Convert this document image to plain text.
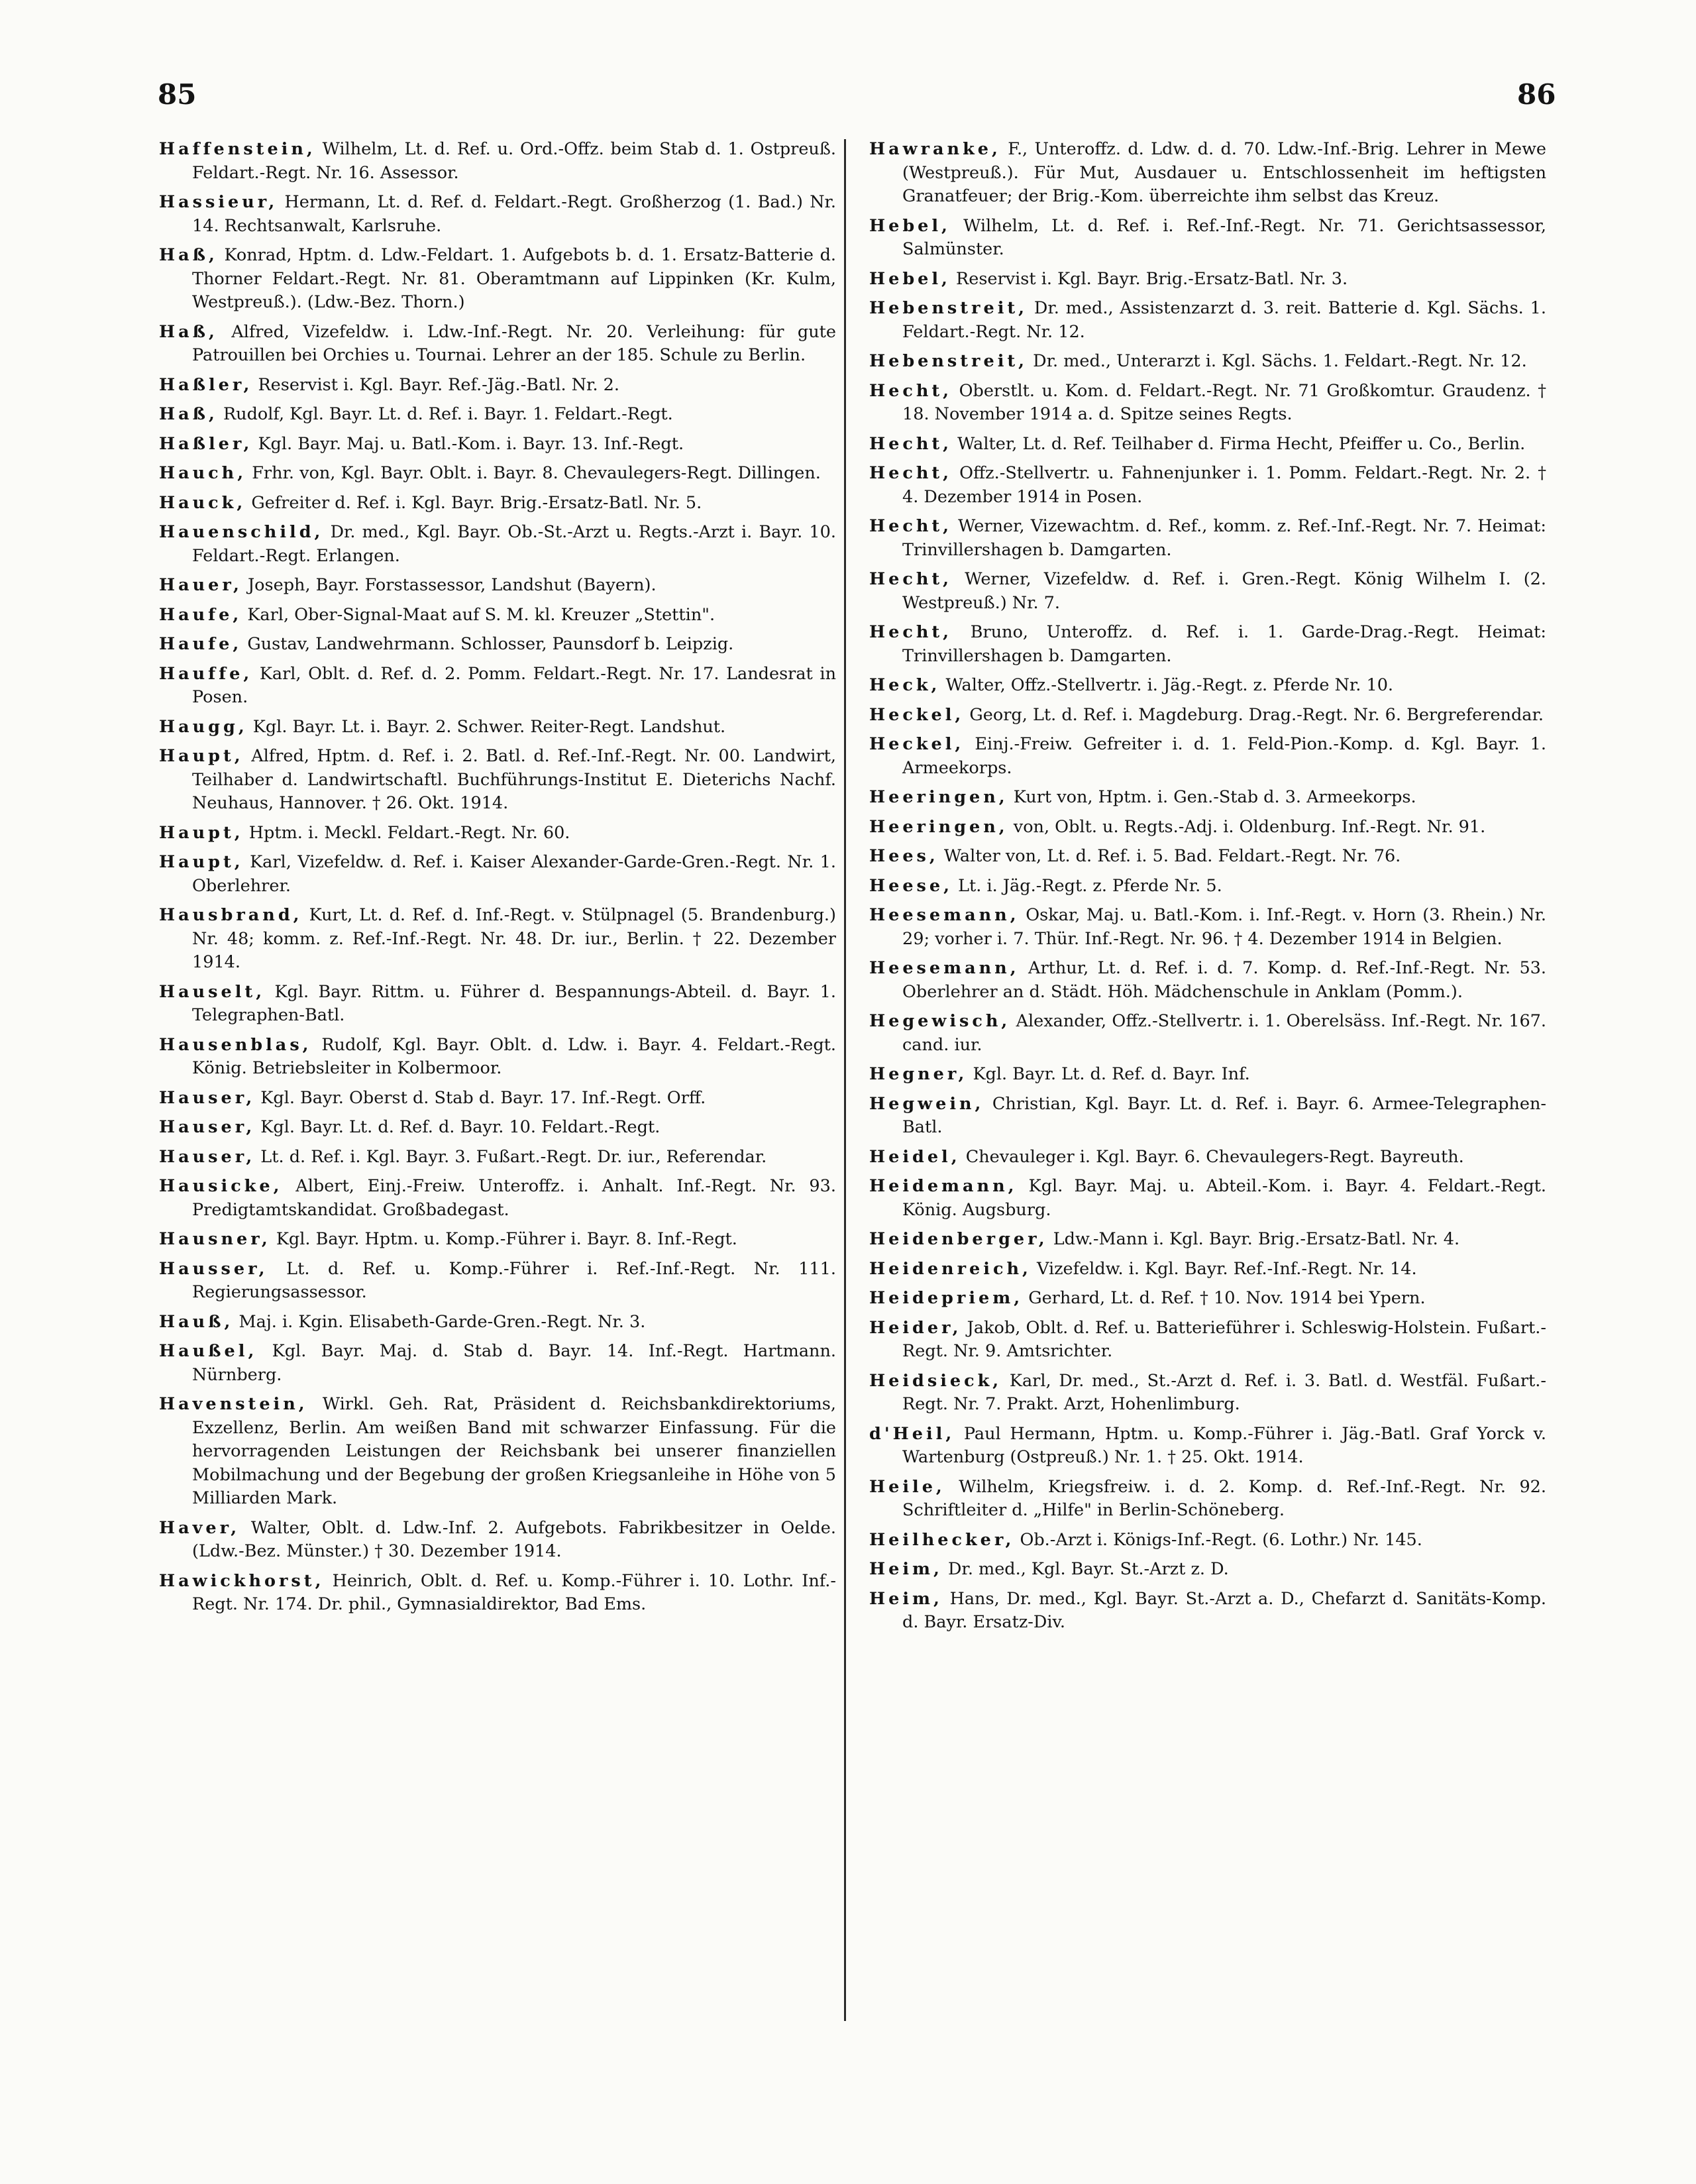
85	86

Haffenstein, Wilhelm, Lt. d. Ref. u. Ord.-Offz. beim Stab d. 1. Ostpreuß. Feldart.-Regt. Nr. 16. Assessor.

Hassieur, Hermann, Lt. d. Ref. d. Feldart.-Regt. Großherzog (1. Bad.) Nr. 14. Rechtsanwalt, Karlsruhe.

Haß, Konrad, Hptm. d. Ldw.-Feldart. 1. Aufgebots b. d. 1. Ersatz-Batterie d. Thorner Feldart.-Regt. Nr. 81. Oberamtmann auf Lippinken (Kr. Kulm, Westpreuß.). (Ldw.-Bez. Thorn.)

Haß, Alfred, Vizefeldw. i. Ldw.-Inf.-Regt. Nr. 20. Verleihung: für gute Patrouillen bei Orchies u. Tournai. Lehrer an der 185. Schule zu Berlin.

Haßler, Reservist i. Kgl. Bayr. Ref.-Jäg.-Batl. Nr. 2.

Haß, Rudolf, Kgl. Bayr. Lt. d. Ref. i. Bayr. 1. Feldart.-Regt.

Haßler, Kgl. Bayr. Maj. u. Batl.-Kom. i. Bayr. 13. Inf.-Regt.

Hauch, Frhr. von, Kgl. Bayr. Oblt. i. Bayr. 8. Chevaulegers-Regt. Dillingen.

Hauck, Gefreiter d. Ref. i. Kgl. Bayr. Brig.-Ersatz-Batl. Nr. 5.

Hauenschild, Dr. med., Kgl. Bayr. Ob.-St.-Arzt u. Regts.-Arzt i. Bayr. 10. Feldart.-Regt. Erlangen.

Hauer, Joseph, Bayr. Forstassessor, Landshut (Bayern).

Haufe, Karl, Ober-Signal-Maat auf S. M. kl. Kreuzer „Stettin".

Haufe, Gustav, Landwehrmann. Schlosser, Paunsdorf b. Leipzig.

Hauffe, Karl, Oblt. d. Ref. d. 2. Pomm. Feldart.-Regt. Nr. 17. Landesrat in Posen.

Haugg, Kgl. Bayr. Lt. i. Bayr. 2. Schwer. Reiter-Regt. Landshut.

Haupt, Alfred, Hptm. d. Ref. i. 2. Batl. d. Ref.-Inf.-Regt. Nr. 00. Landwirt, Teilhaber d. Landwirtschaftl. Buchführungs-Institut E. Dieterichs Nachf. Neuhaus, Hannover. † 26. Okt. 1914.

Haupt, Hptm. i. Meckl. Feldart.-Regt. Nr. 60.

Haupt, Karl, Vizefeldw. d. Ref. i. Kaiser Alexander-Garde-Gren.-Regt. Nr. 1. Oberlehrer.

Hausbrand, Kurt, Lt. d. Ref. d. Inf.-Regt. v. Stülpnagel (5. Brandenburg.) Nr. 48; komm. z. Ref.-Inf.-Regt. Nr. 48. Dr. iur., Berlin. † 22. Dezember 1914.

Hauselt, Kgl. Bayr. Rittm. u. Führer d. Bespannungs-Abteil. d. Bayr. 1. Telegraphen-Batl.

Hausenblas, Rudolf, Kgl. Bayr. Oblt. d. Ldw. i. Bayr. 4. Feldart.-Regt. König. Betriebsleiter in Kolbermoor.

Hauser, Kgl. Bayr. Oberst d. Stab d. Bayr. 17. Inf.-Regt. Orff.

Hauser, Kgl. Bayr. Lt. d. Ref. d. Bayr. 10. Feldart.-Regt.

Hauser, Lt. d. Ref. i. Kgl. Bayr. 3. Fußart.-Regt. Dr. iur., Referendar.

Hausicke, Albert, Einj.-Freiw. Unteroffz. i. Anhalt. Inf.-Regt. Nr. 93. Predigtamtskandidat. Großbadegast.

Hausner, Kgl. Bayr. Hptm. u. Komp.-Führer i. Bayr. 8. Inf.-Regt.

Hausser, Lt. d. Ref. u. Komp.-Führer i. Ref.-Inf.-Regt. Nr. 111. Regierungsassessor.

Hauß, Maj. i. Kgin. Elisabeth-Garde-Gren.-Regt. Nr. 3.

Haußel, Kgl. Bayr. Maj. d. Stab d. Bayr. 14. Inf.-Regt. Hartmann. Nürnberg.

Havenstein, Wirkl. Geh. Rat, Präsident d. Reichsbankdirektoriums, Exzellenz, Berlin. Am weißen Band mit schwarzer Einfassung. Für die hervorragenden Leistungen der Reichsbank bei unserer finanziellen Mobilmachung und der Begebung der großen Kriegsanleihe in Höhe von 5 Milliarden Mark.

Haver, Walter, Oblt. d. Ldw.-Inf. 2. Aufgebots. Fabrikbesitzer in Oelde. (Ldw.-Bez. Münster.) † 30. Dezember 1914.

Hawickhorst, Heinrich, Oblt. d. Ref. u. Komp.-Führer i. 10. Lothr. Inf.-Regt. Nr. 174. Dr. phil., Gymnasialdirektor, Bad Ems.

Hawranke, F., Unteroffz. d. Ldw. d. d. 70. Ldw.-Inf.-Brig. Lehrer in Mewe (Westpreuß.). Für Mut, Ausdauer u. Entschlossenheit im heftigsten Granatfeuer; der Brig.-Kom. überreichte ihm selbst das Kreuz.

Hebel, Wilhelm, Lt. d. Ref. i. Ref.-Inf.-Regt. Nr. 71. Gerichtsassessor, Salmünster.

Hebel, Reservist i. Kgl. Bayr. Brig.-Ersatz-Batl. Nr. 3.

Hebenstreit, Dr. med., Assistenzarzt d. 3. reit. Batterie d. Kgl. Sächs. 1. Feldart.-Regt. Nr. 12.

Hebenstreit, Dr. med., Unterarzt i. Kgl. Sächs. 1. Feldart.-Regt. Nr. 12.

Hecht, Oberstlt. u. Kom. d. Feldart.-Regt. Nr. 71 Großkomtur. Graudenz. † 18. November 1914 a. d. Spitze seines Regts.

Hecht, Walter, Lt. d. Ref. Teilhaber d. Firma Hecht, Pfeiffer u. Co., Berlin.

Hecht, Offz.-Stellvertr. u. Fahnenjunker i. 1. Pomm. Feldart.-Regt. Nr. 2. † 4. Dezember 1914 in Posen.

Hecht, Werner, Vizewachtm. d. Ref., komm. z. Ref.-Inf.-Regt. Nr. 7. Heimat: Trinvillershagen b. Damgarten.

Hecht, Werner, Vizefeldw. d. Ref. i. Gren.-Regt. König Wilhelm I. (2. Westpreuß.) Nr. 7.

Hecht, Bruno, Unteroffz. d. Ref. i. 1. Garde-Drag.-Regt. Heimat: Trinvillershagen b. Damgarten.

Heck, Walter, Offz.-Stellvertr. i. Jäg.-Regt. z. Pferde Nr. 10.

Heckel, Georg, Lt. d. Ref. i. Magdeburg. Drag.-Regt. Nr. 6. Bergreferendar.

Heckel, Einj.-Freiw. Gefreiter i. d. 1. Feld-Pion.-Komp. d. Kgl. Bayr. 1. Armeekorps.

Heeringen, Kurt von, Hptm. i. Gen.-Stab d. 3. Armeekorps.

Heeringen, von, Oblt. u. Regts.-Adj. i. Oldenburg. Inf.-Regt. Nr. 91.

Hees, Walter von, Lt. d. Ref. i. 5. Bad. Feldart.-Regt. Nr. 76.

Heese, Lt. i. Jäg.-Regt. z. Pferde Nr. 5.

Heesemann, Oskar, Maj. u. Batl.-Kom. i. Inf.-Regt. v. Horn (3. Rhein.) Nr. 29; vorher i. 7. Thür. Inf.-Regt. Nr. 96. † 4. Dezember 1914 in Belgien.

Heesemann, Arthur, Lt. d. Ref. i. d. 7. Komp. d. Ref.-Inf.-Regt. Nr. 53. Oberlehrer an d. Städt. Höh. Mädchenschule in Anklam (Pomm.).

Hegewisch, Alexander, Offz.-Stellvertr. i. 1. Oberelsäss. Inf.-Regt. Nr. 167. cand. iur.

Hegner, Kgl. Bayr. Lt. d. Ref. d. Bayr. Inf.

Hegwein, Christian, Kgl. Bayr. Lt. d. Ref. i. Bayr. 6. Armee-Telegraphen-Batl.

Heidel, Chevauleger i. Kgl. Bayr. 6. Chevaulegers-Regt. Bayreuth.

Heidemann, Kgl. Bayr. Maj. u. Abteil.-Kom. i. Bayr. 4. Feldart.-Regt. König. Augsburg.

Heidenberger, Ldw.-Mann i. Kgl. Bayr. Brig.-Ersatz-Batl. Nr. 4.

Heidenreich, Vizefeldw. i. Kgl. Bayr. Ref.-Inf.-Regt. Nr. 14.

Heidepriem, Gerhard, Lt. d. Ref. † 10. Nov. 1914 bei Ypern.

Heider, Jakob, Oblt. d. Ref. u. Batterieführer i. Schleswig-Holstein. Fußart.-Regt. Nr. 9. Amtsrichter.

Heidsieck, Karl, Dr. med., St.-Arzt d. Ref. i. 3. Batl. d. Westfäl. Fußart.-Regt. Nr. 7. Prakt. Arzt, Hohenlimburg.

d'Heil, Paul Hermann, Hptm. u. Komp.-Führer i. Jäg.-Batl. Graf Yorck v. Wartenburg (Ostpreuß.) Nr. 1. † 25. Okt. 1914.

Heile, Wilhelm, Kriegsfreiw. i. d. 2. Komp. d. Ref.-Inf.-Regt. Nr. 92. Schriftleiter d. „Hilfe" in Berlin-Schöneberg.

Heilhecker, Ob.-Arzt i. Königs-Inf.-Regt. (6. Lothr.) Nr. 145.

Heim, Dr. med., Kgl. Bayr. St.-Arzt z. D.

Heim, Hans, Dr. med., Kgl. Bayr. St.-Arzt a. D., Chefarzt d. Sanitäts-Komp. d. Bayr. Ersatz-Div.
